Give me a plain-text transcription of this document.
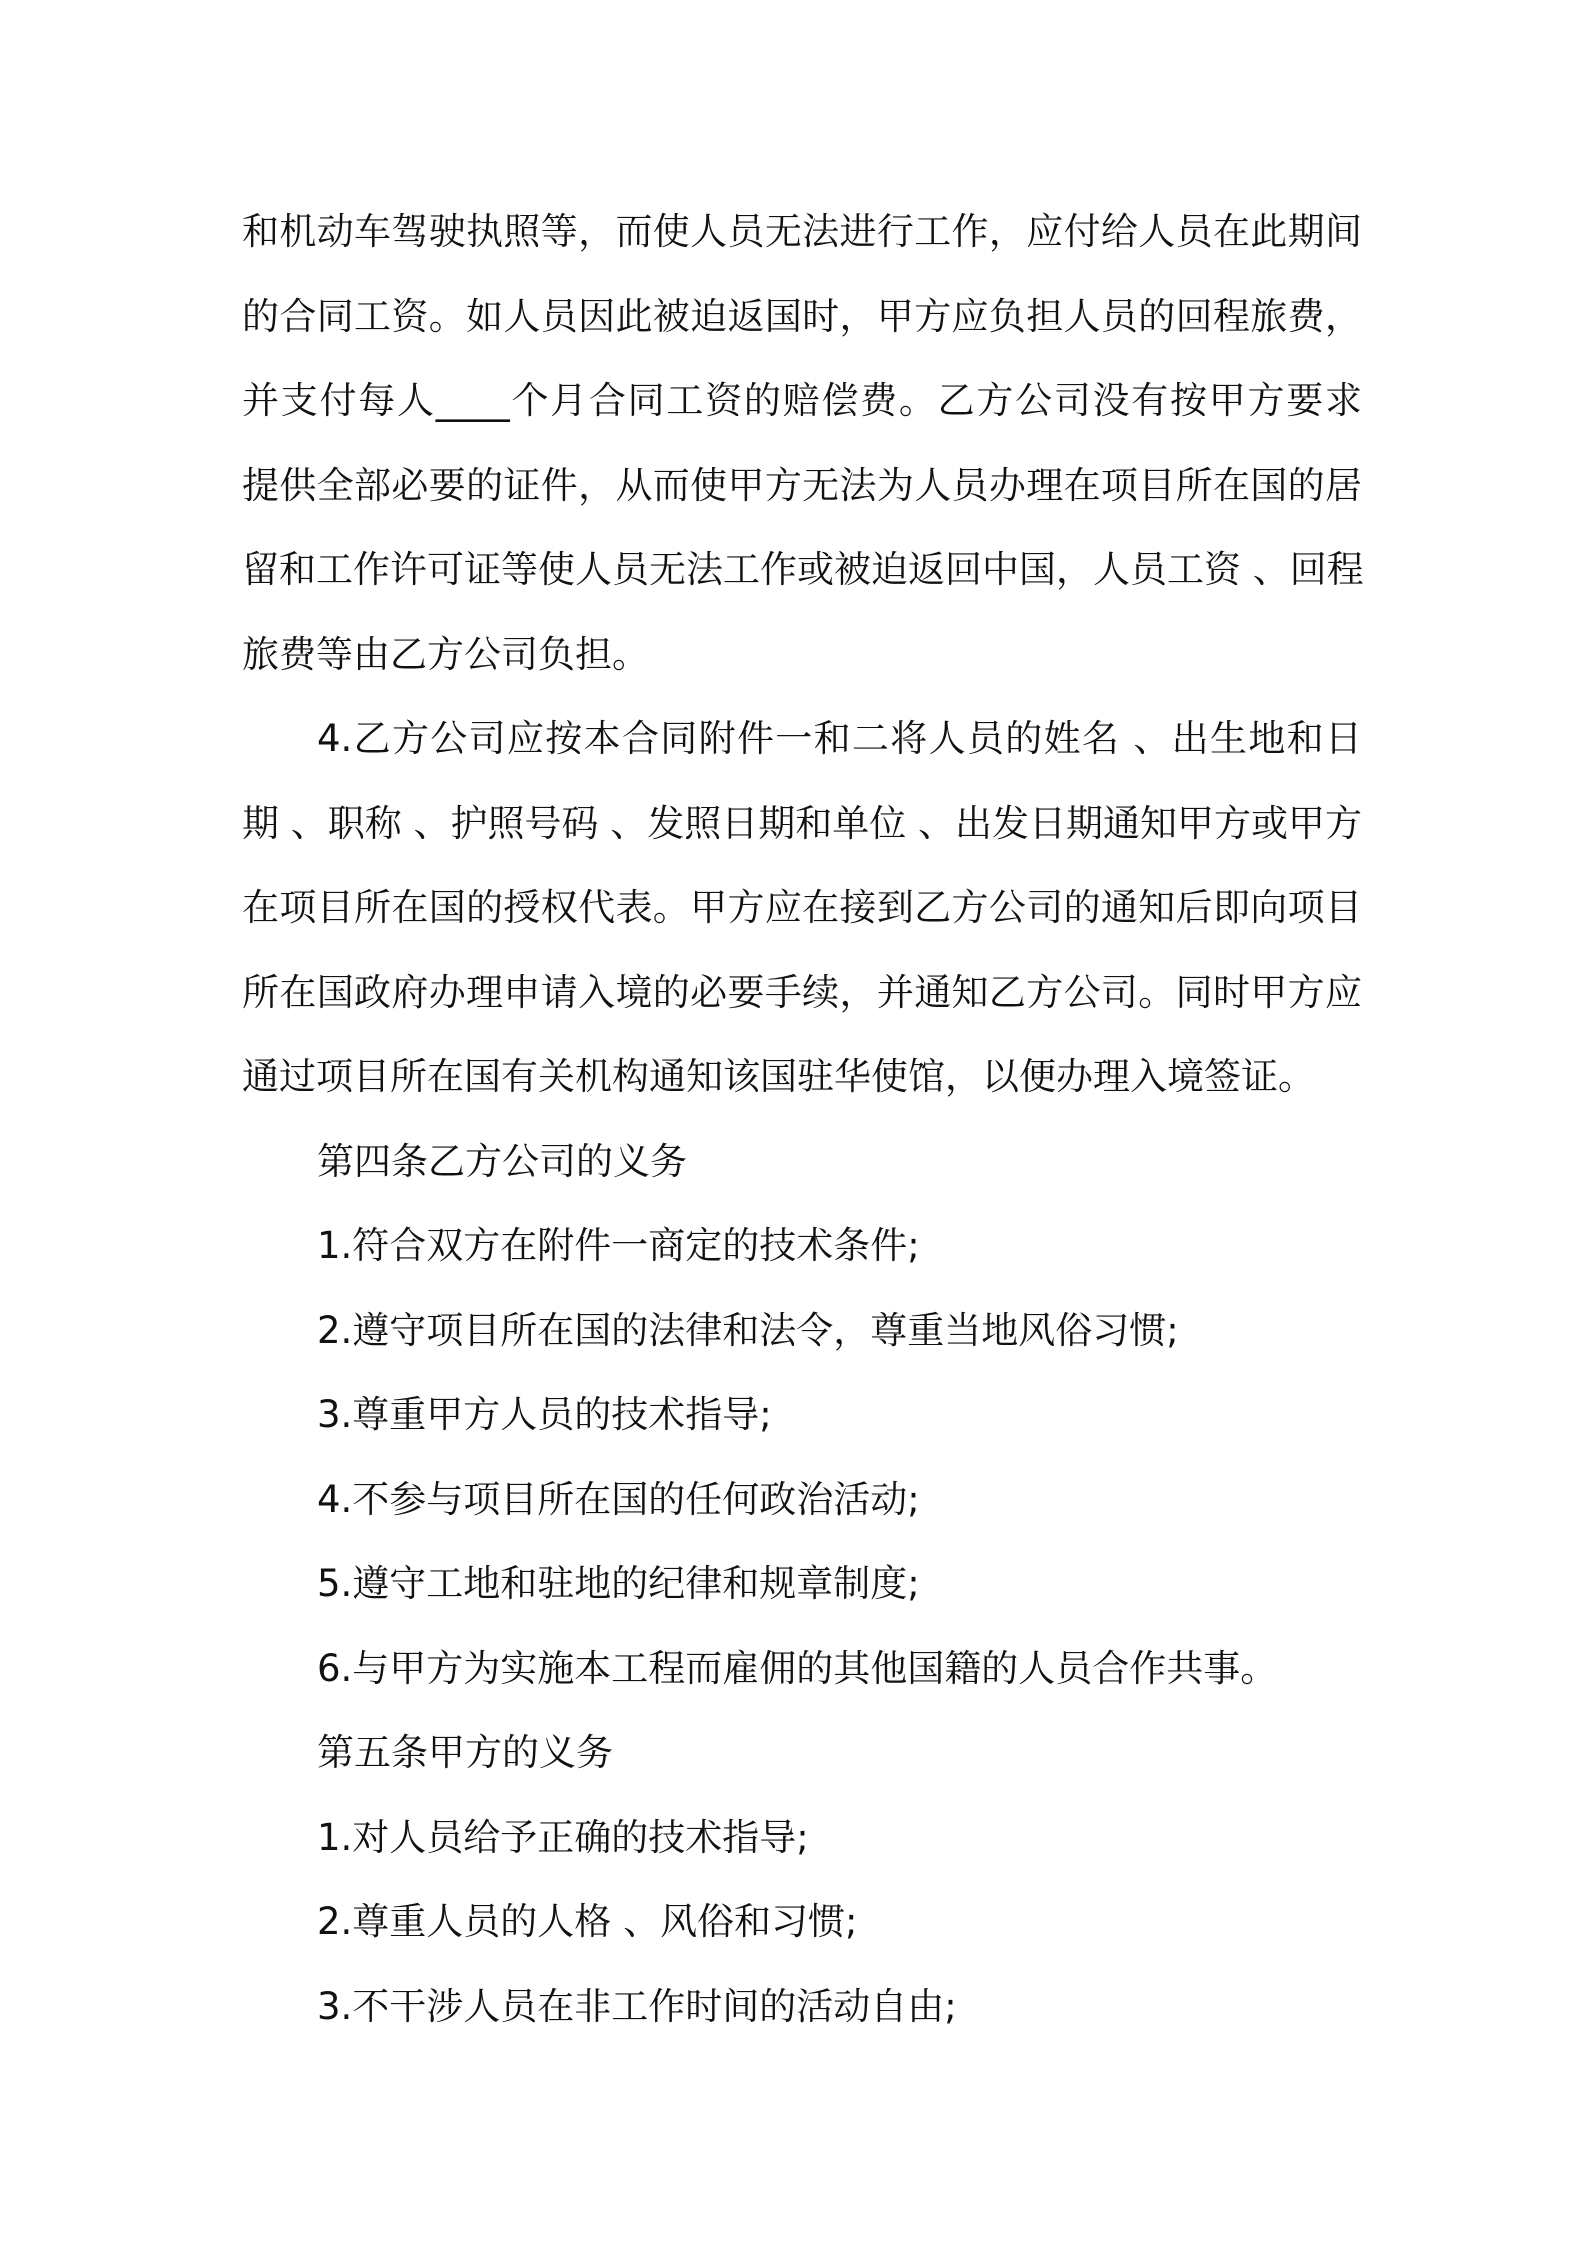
和机动车驾驶执照等，而使人员无法进行工作，应付给人员在此期间
的合同工资。如人员因此被迫返国时，甲方应负担人员的回程旅费，
并支付每人____个月合同工资的赔偿费。乙方公司没有按甲方要求
提供全部必要的证件，从而使甲方无法为人员办理在项目所在国的居
留和工作许可证等使人员无法工作或被迫返回中国，人员工资 、回程
旅费等由乙方公司负担。
4.乙方公司应按本合同附件一和二将人员的姓名 、出生地和日
期 、职称 、护照号码 、发照日期和单位 、出发日期通知甲方或甲方
在项目所在国的授权代表。甲方应在接到乙方公司的通知后即向项目
所在国政府办理申请入境的必要手续，并通知乙方公司。同时甲方应
通过项目所在国有关机构通知该国驻华使馆，以便办理入境签证。
第四条乙方公司的义务
1.符合双方在附件一商定的技术条件;
2.遵守项目所在国的法律和法令，尊重当地风俗习惯;
3.尊重甲方人员的技术指导;
4.不参与项目所在国的任何政治活动;
5.遵守工地和驻地的纪律和规章制度;
6.与甲方为实施本工程而雇佣的其他国籍的人员合作共事。
第五条甲方的义务
1.对人员给予正确的技术指导;
2.尊重人员的人格 、风俗和习惯;
3.不干涉人员在非工作时间的活动自由;
